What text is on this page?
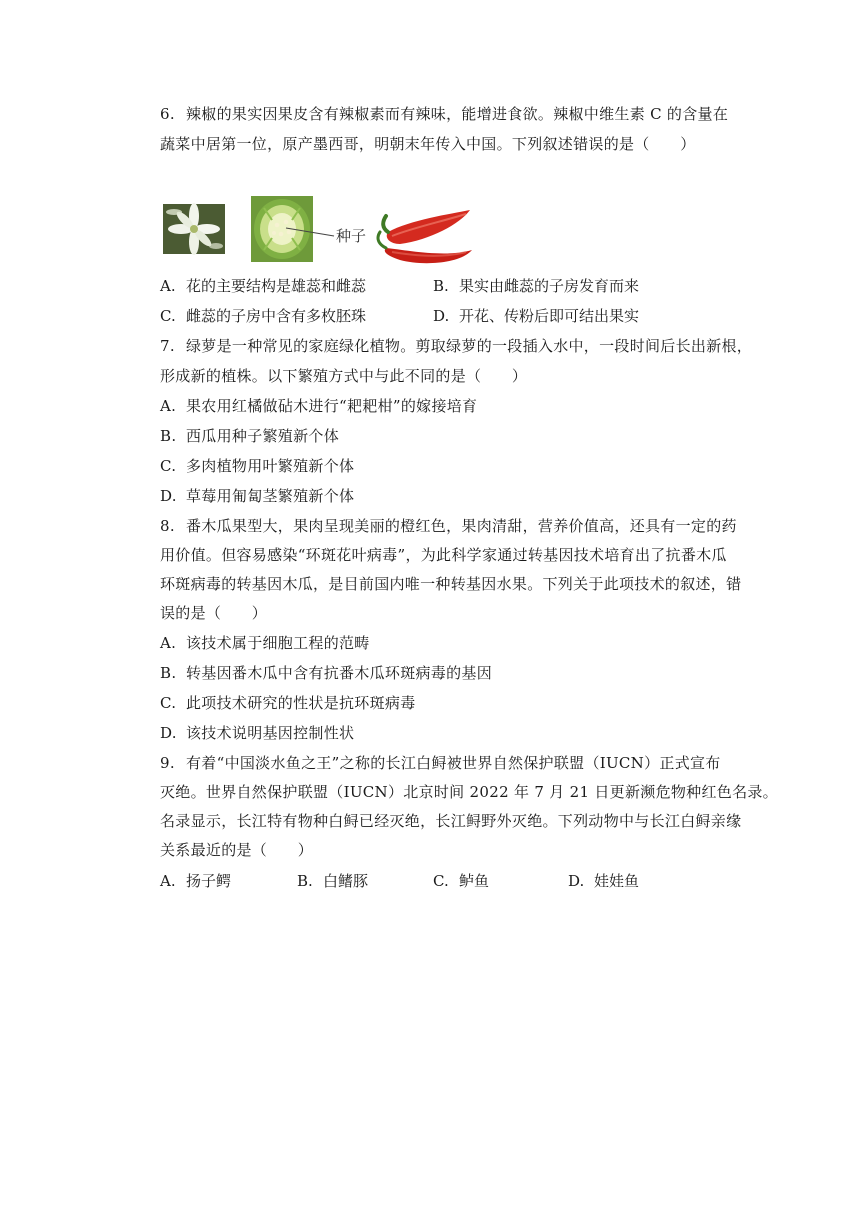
6. 辣椒的果实因果皮含有辣椒素而有辣味，能增进食欲。辣椒中维生素 C 的含量在
蔬菜中居第一位，原产墨西哥，明朝末年传入中国。下列叙述错误的是（　　）
种子
A. 花的主要结构是雄蕊和雌蕊	B. 果实由雌蕊的子房发育而来
C. 雌蕊的子房中含有多枚胚珠	D. 开花、传粉后即可结出果实
7. 绿萝是一种常见的家庭绿化植物。剪取绿萝的一段插入水中，一段时间后长出新根，
形成新的植株。以下繁殖方式中与此不同的是（　　）
A. 果农用红橘做砧木进行“耙耙柑”的嫁接培育
B. 西瓜用种子繁殖新个体
C. 多肉植物用叶繁殖新个体
D. 草莓用匍匐茎繁殖新个体
8. 番木瓜果型大，果肉呈现美丽的橙红色，果肉清甜，营养价值高，还具有一定的药
用价值。但容易感染“环斑花叶病毒”，为此科学家通过转基因技术培育出了抗番木瓜
环斑病毒的转基因木瓜，是目前国内唯一种转基因水果。下列关于此项技术的叙述，错
误的是（　　）
A. 该技术属于细胞工程的范畴
B. 转基因番木瓜中含有抗番木瓜环斑病毒的基因
C. 此项技术研究的性状是抗环斑病毒
D. 该技术说明基因控制性状
9. 有着“中国淡水鱼之王”之称的长江白鲟被世界自然保护联盟（IUCN）正式宣布
灭绝。世界自然保护联盟（IUCN）北京时间 2022 年 7 月 21 日更新濒危物种红色名录。
名录显示，长江特有物种白鲟已经灭绝，长江鲟野外灭绝。下列动物中与长江白鲟亲缘
关系最近的是（　　）
A. 扬子鳄	B. 白鳍豚	C. 鲈鱼	D. 娃娃鱼
